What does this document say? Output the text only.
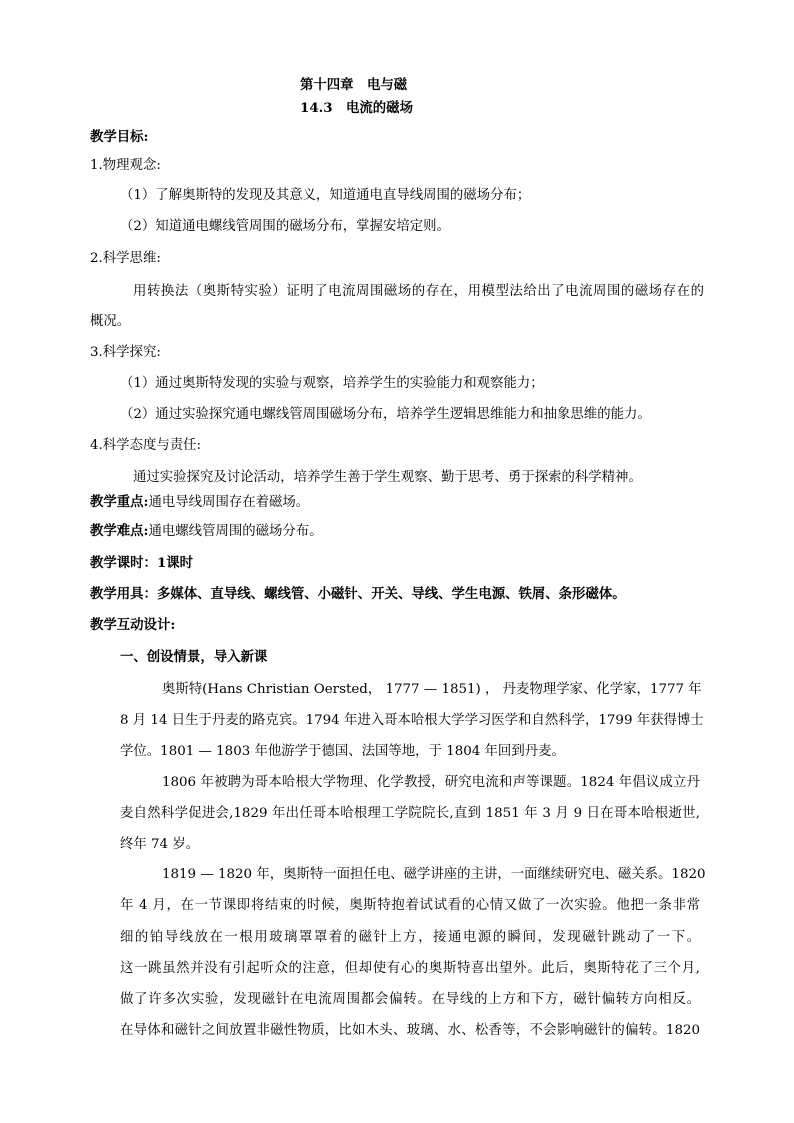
第十四章　电与磁
14.3　电流的磁场
教学目标:
1.物理观念:
（1）了解奥斯特的发现及其意义，知道通电直导线周围的磁场分布；
（2）知道通电螺线管周围的磁场分布，掌握安培定则。
2.科学思维:
用转换法（奥斯特实验）证明了电流周围磁场的存在，用模型法给出了电流周围的磁场存在的
概况。
3.科学探究:
（1）通过奥斯特发现的实验与观察，培养学生的实验能力和观察能力；
（2）通过实验探究通电螺线管周围磁场分布，培养学生逻辑思维能力和抽象思维的能力。
4.科学态度与责任:
通过实验探究及讨论活动，培养学生善于学生观察、勤于思考、勇于探索的科学精神。
教学重点:通电导线周围存在着磁场。
教学难点:通电螺线管周围的磁场分布。
教学课时：1课时
教学用具：多媒体、直导线、螺线管、小磁针、开关、导线、学生电源、铁屑、条形磁体。
教学互动设计:
一、创设情景，导入新课
奥斯特(Hans Christian Oersted， 1777 — 1851) ， 丹麦物理学家、化学家，1777 年
8 月 14 日生于丹麦的路克宾。1794 年进入哥本哈根大学学习医学和自然科学，1799 年获得博士
学位。1801 — 1803 年他游学于德国、法国等地，于 1804 年回到丹麦。
1806 年被聘为哥本哈根大学物理、化学教授，研究电流和声等课题。1824 年倡议成立丹
麦自然科学促进会,1829 年出任哥本哈根理工学院院长,直到 1851 年 3 月 9 日在哥本哈根逝世,
终年 74 岁。
1819 — 1820 年，奥斯特一面担任电、磁学讲座的主讲，一面继续研究电、磁关系。1820
年 4 月，在一节课即将结束的时候，奥斯特抱着试试看的心情又做了一次实验。他把一条非常
细的铂导线放在一根用玻璃罩罩着的磁针上方，接通电源的瞬间，发现磁针跳动了一下。
这一跳虽然并没有引起听众的注意，但却使有心的奥斯特喜出望外。此后，奥斯特花了三个月,
做了许多次实验，发现磁针在电流周围都会偏转。在导线的上方和下方，磁针偏转方向相反。
在导体和磁针之间放置非磁性物质，比如木头、玻璃、水、松香等，不会影响磁针的偏转。1820
